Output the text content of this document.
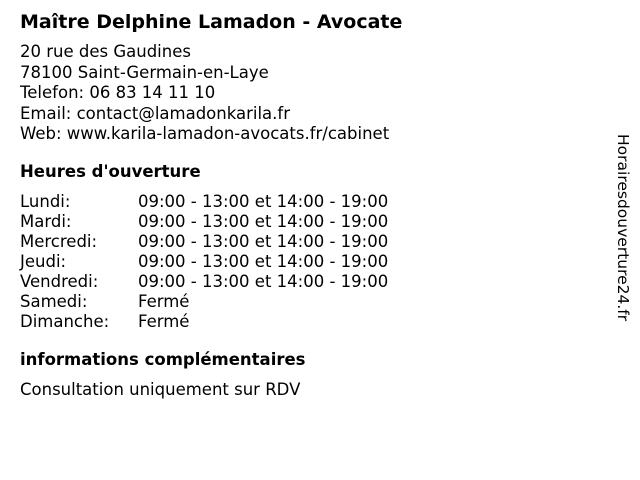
Maître Delphine Lamadon - Avocate
20 rue des Gaudines
78100 Saint-Germain-en-Laye
Telefon: 06 83 14 11 10
Email: contact@lamadonkarila.fr
Web: www.karila-lamadon-avocats.fr/cabinet
Heures d'ouverture
Lundi:	09:00 - 13:00 et 14:00 - 19:00
Mardi:	09:00 - 13:00 et 14:00 - 19:00
Mercredi:	09:00 - 13:00 et 14:00 - 19:00
Jeudi:	09:00 - 13:00 et 14:00 - 19:00
Vendredi:	09:00 - 13:00 et 14:00 - 19:00
Samedi:	Fermé
Dimanche:	Fermé
informations complémentaires
Consultation uniquement sur RDV
Horairesdouverture24.fr
